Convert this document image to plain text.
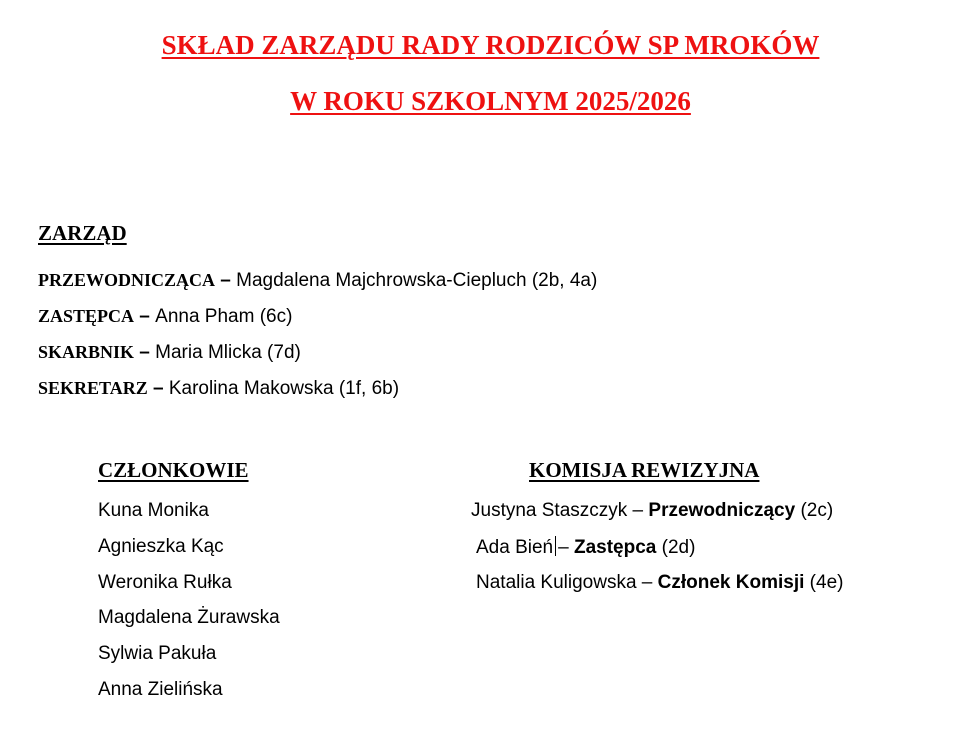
SKŁAD ZARZĄDU RADY RODZICÓW SP MROKÓW
W ROKU SZKOLNYM 2025/2026
ZARZĄD
PRZEWODNICZĄCA – Magdalena Majchrowska-Ciepluch (2b, 4a)
ZASTĘPCA – Anna Pham (6c)
SKARBNIK – Maria Mlicka (7d)
SEKRETARZ – Karolina Makowska (1f, 6b)
CZŁONKOWIE
Kuna Monika
Agnieszka Kąc
Weronika Rułka
Magdalena Żurawska
Sylwia Pakuła
Anna Zielińska
KOMISJA REWIZYJNA
Justyna Staszczyk – Przewodniczący (2c)
Ada Bień – Zastępca (2d)
Natalia Kuligowska – Członek Komisji (4e)
